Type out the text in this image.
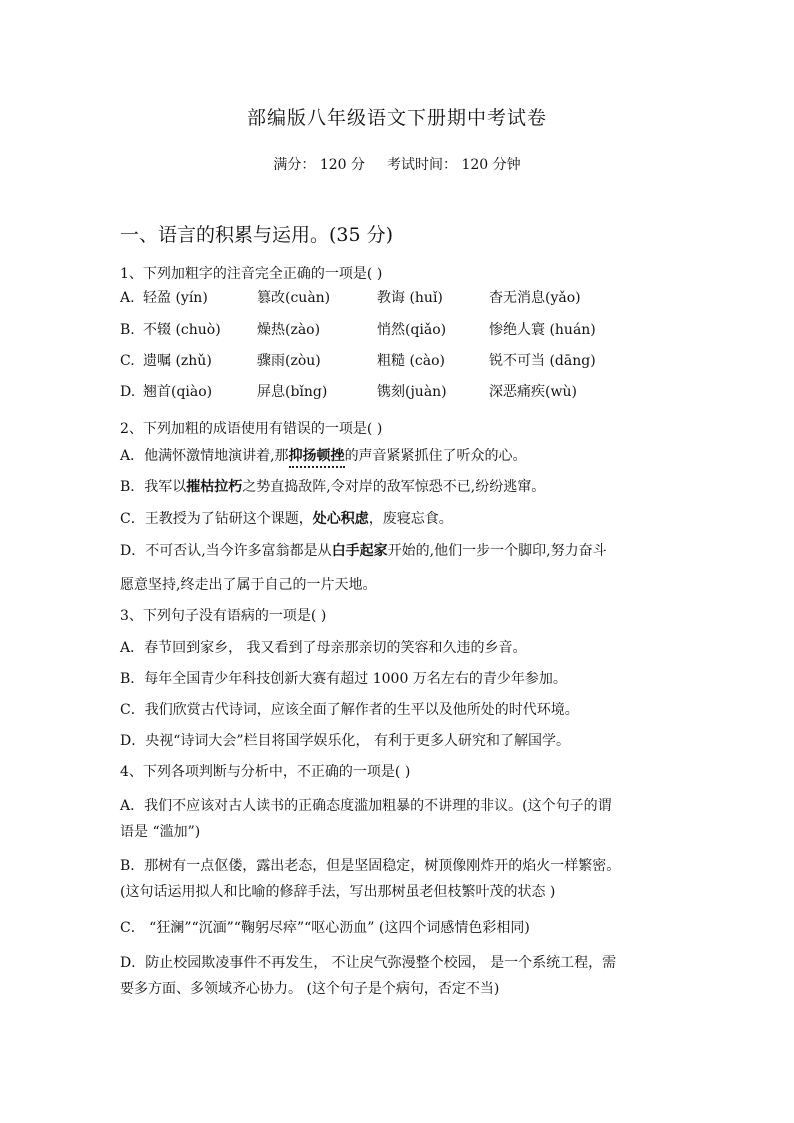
部编版八年级语文下册期中考试卷
满分： 120 分 考试时间： 120 分钟
一、语言的积累与运用。(35 分)
1、下列加粗字的注音完全正确的一项是( )
A. 轻盈 (yín)	篡改(cuàn)	教诲 (huǐ)	杳无消息(yǎo)
B. 不辍 (chuò)	燥热(zào)	悄然(qiǎo)	惨绝人寰 (huán)
C. 遗嘱 (zhǔ)	骤雨(zòu)	粗糙 (cào)	锐不可当 (dāng)
D. 翘首(qiào)	屏息(bǐng)	镌刻(juàn)	深恶痛疾(wù)
2、下列加粗的成语使用有错误的一项是( )
A．他满怀激情地演讲着,那抑扬顿挫的声音紧紧抓住了听众的心。
B．我军以摧枯拉朽之势直捣敌阵,令对岸的敌军惊恐不已,纷纷逃窜。
C．王教授为了钻研这个课题，处心积虑，废寝忘食。
D．不可否认,当今许多富翁都是从白手起家开始的,他们一步一个脚印,努力奋斗
愿意坚持,终走出了属于自己的一片天地。
3、下列句子没有语病的一项是( )
A．春节回到家乡， 我又看到了母亲那亲切的笑容和久违的乡音。
B．每年全国青少年科技创新大赛有超过 1000 万名左右的青少年参加。
C．我们欣赏古代诗词，应该全面了解作者的生平以及他所处的时代环境。
D．央视“诗词大会”栏目将国学娱乐化， 有利于更多人研究和了解国学。
4、下列各项判断与分析中，不正确的一项是( )
A．我们不应该对古人读书的正确态度滥加粗暴的不讲理的非议。(这个句子的谓
语是 “滥加”)
B．那树有一点伛偻，露出老态，但是坚固稳定，树顶像刚炸开的焰火一样繁密。
(这句话运用拟人和比喻的修辞手法，写出那树虽老但枝繁叶茂的状态 )
C． “狂澜”“沉湎”“鞠躬尽瘁”“呕心沥血” (这四个词感情色彩相同)
D．防止校园欺凌事件不再发生， 不让戾气弥漫整个校园， 是一个系统工程，需
要多方面、多领域齐心协力。 (这个句子是个病句，否定不当)
